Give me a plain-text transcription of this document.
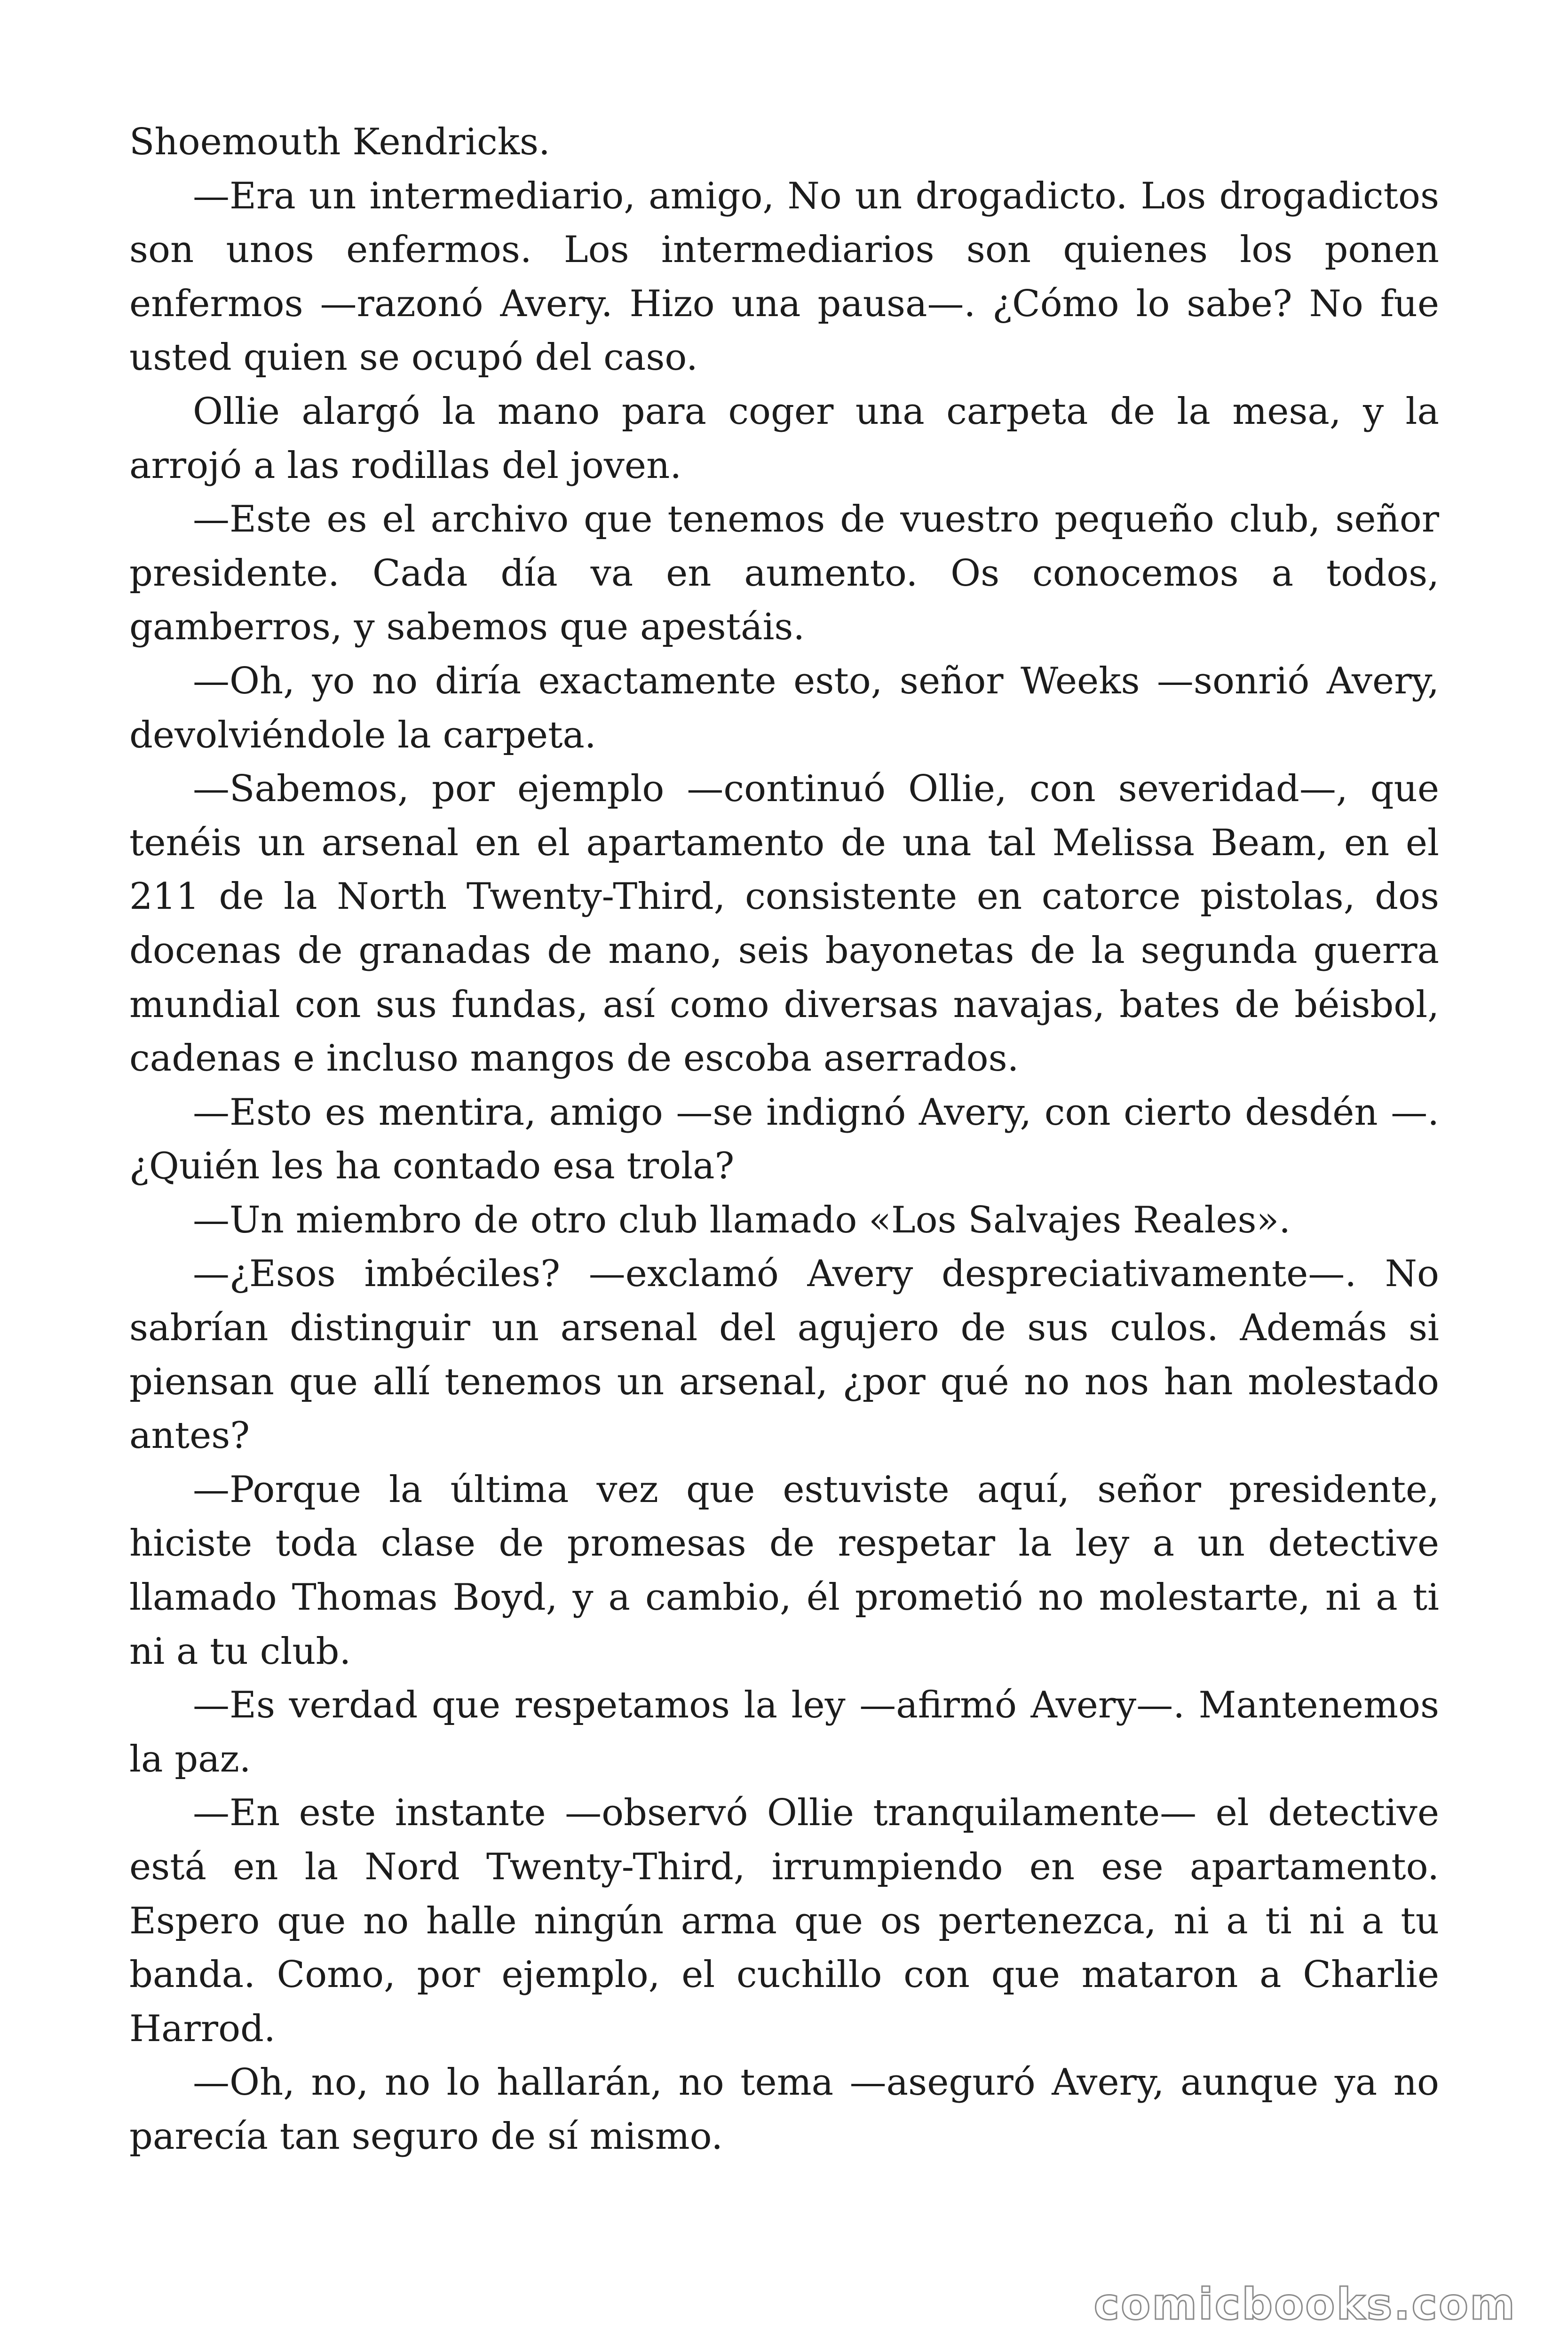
Shoemouth Kendricks.

—Era un intermediario, amigo, No un drogadicto. Los drogadictos son unos enfermos. Los intermediarios son quienes los ponen enfermos —razonó Avery. Hizo una pausa—. ¿Cómo lo sabe? No fue usted quien se ocupó del caso.

Ollie alargó la mano para coger una carpeta de la mesa, y la arrojó a las rodillas del joven.

—Este es el archivo que tenemos de vuestro pequeño club, señor presidente. Cada día va en aumento. Os conocemos a todos, gamberros, y sabemos que apestáis.

—Oh, yo no diría exactamente esto, señor Weeks —sonrió Avery, devolviéndole la carpeta.

—Sabemos, por ejemplo —continuó Ollie, con severidad—, que tenéis un arsenal en el apartamento de una tal Melissa Beam, en el 211 de la North Twenty-Third, consistente en catorce pistolas, dos docenas de granadas de mano, seis bayonetas de la segunda guerra mundial con sus fundas, así como diversas navajas, bates de béisbol, cadenas e incluso mangos de escoba aserrados.

—Esto es mentira, amigo —se indignó Avery, con cierto desdén —. ¿Quién les ha contado esa trola?

—Un miembro de otro club llamado «Los Salvajes Reales».

—¿Esos imbéciles? —exclamó Avery despreciativamente—. No sabrían distinguir un arsenal del agujero de sus culos. Además si piensan que allí tenemos un arsenal, ¿por qué no nos han molestado antes?

—Porque la última vez que estuviste aquí, señor presidente, hiciste toda clase de promesas de respetar la ley a un detective llamado Thomas Boyd, y a cambio, él prometió no molestarte, ni a ti ni a tu club.

—Es verdad que respetamos la ley —afirmó Avery—. Mantenemos la paz.

—En este instante —observó Ollie tranquilamente— el detective está en la Nord Twenty-Third, irrumpiendo en ese apartamento. Espero que no halle ningún arma que os pertenezca, ni a ti ni a tu banda. Como, por ejemplo, el cuchillo con que mataron a Charlie Harrod.

—Oh, no, no lo hallarán, no tema —aseguró Avery, aunque ya no parecía tan seguro de sí mismo.

comicbooks.com
